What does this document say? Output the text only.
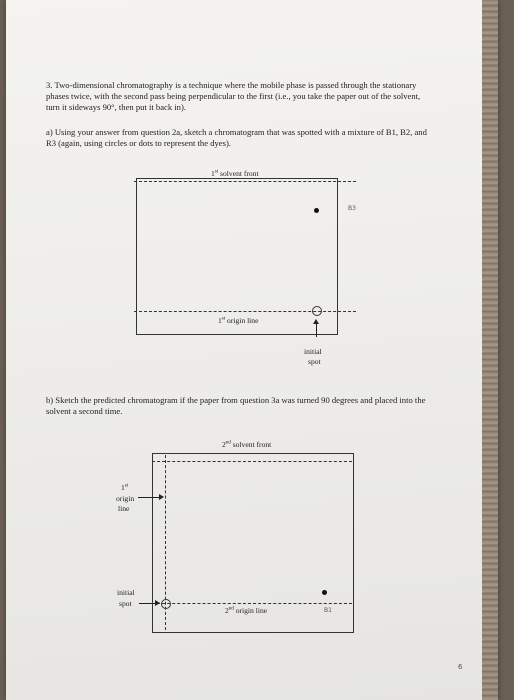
3. Two-dimensional chromatography is a technique where the mobile phase is passed through the stationary phases twice, with the second pass being perpendicular to the first (i.e., you take the paper out of the solvent, turn it sideways 90°, then put it back in).
a) Using your answer from question 2a, sketch a chromatogram that was spotted with a mixture of B1, B2, and R3 (again, using circles or dots to represent the dyes).
1st solvent front
1st origin line
B3
initial
spot
b) Sketch the predicted chromatogram if the paper from question 3a was turned 90 degrees and placed into the solvent a second time.
2nd solvent front
2nd origin line
1st
origin
line
B1
initial
spot
6
